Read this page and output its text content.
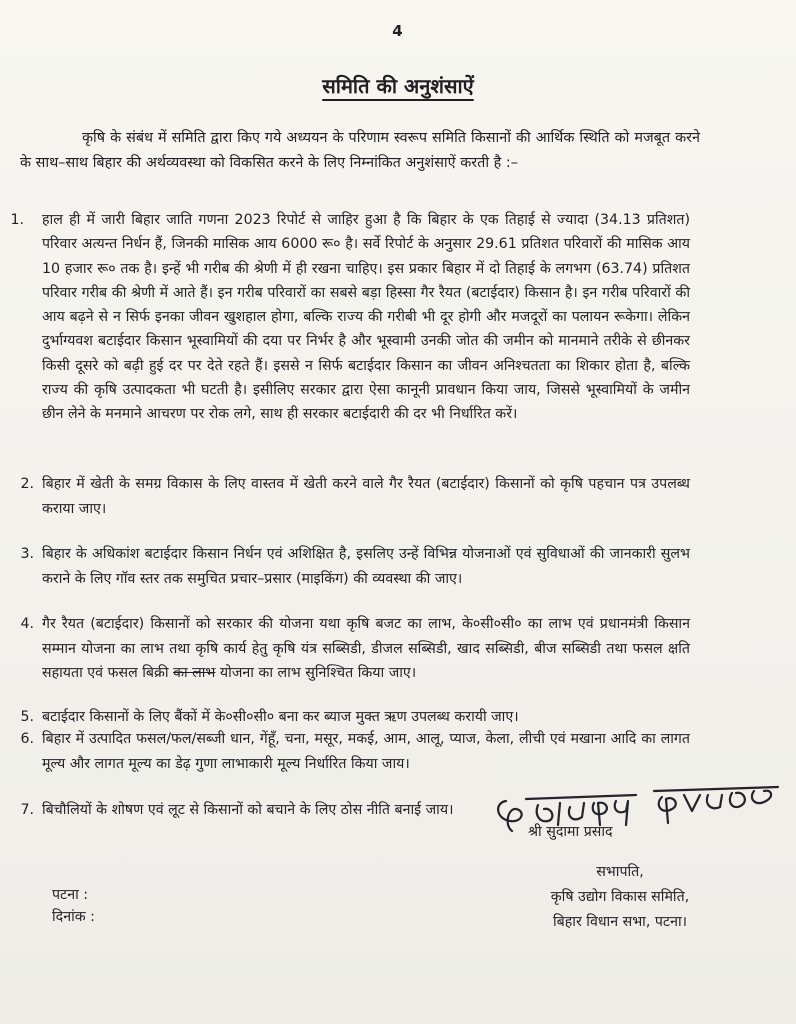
4
समिति की अनुशंसाऐं
कृषि के संबंध में समिति द्वारा किए गये अध्ययन के परिणाम स्वरूप समिति किसानों की आर्थिक स्थिति को मजबूत करने के साथ–साथ बिहार की अर्थव्यवस्था को विकसित करने के लिए निम्नांकित अनुशंसाऐं करती है :–
1. हाल ही में जारी बिहार जाति गणना 2023 रिपोर्ट से जाहिर हुआ है कि बिहार के एक तिहाई से ज्यादा (34.13 प्रतिशत) परिवार अत्यन्त निर्धन हैं, जिनकी मासिक आय 6000 रू० है। सर्वे रिपोर्ट के अनुसार 29.61 प्रतिशत परिवारों की मासिक आय 10 हजार रू० तक है। इन्हें भी गरीब की श्रेणी में ही रखना चाहिए। इस प्रकार बिहार में दो तिहाई के लगभग (63.74) प्रतिशत परिवार गरीब की श्रेणी में आते हैं। इन गरीब परिवारों का सबसे बड़ा हिस्सा गैर रैयत (बटाईदार) किसान है। इन गरीब परिवारों की आय बढ़ने से न सिर्फ इनका जीवन खुशहाल होगा, बल्कि राज्य की गरीबी भी दूर होगी और मजदूरों का पलायन रूकेगा। लेकिन दुर्भाग्यवश बटाईदार किसान भूस्वामियों की दया पर निर्भर है और भूस्वामी उनकी जोत की जमीन को मानमाने तरीके से छीनकर किसी दूसरे को बढ़ी हुई दर पर देते रहते हैं। इससे न सिर्फ बटाईदार किसान का जीवन अनिश्चतता का शिकार होता है, बल्कि राज्य की कृषि उत्पादकता भी घटती है। इसीलिए सरकार द्वारा ऐसा कानूनी प्रावधान किया जाय, जिससे भूस्वामियों के जमीन छीन लेने के मनमाने आचरण पर रोक लगे, साथ ही सरकार बटाईदारी की दर भी निर्धारित करें।
2. बिहार में खेती के समग्र विकास के लिए वास्तव में खेती करने वाले गैर रैयत (बटाईदार) किसानों को कृषि पहचान पत्र उपलब्ध कराया जाए।
3. बिहार के अधिकांश बटाईदार किसान निर्धन एवं अशिक्षित है, इसलिए उन्हें विभिन्न योजनाओं एवं सुविधाओं की जानकारी सुलभ कराने के लिए गॉव स्तर तक समुचित प्रचार–प्रसार (माइकिंग) की व्यवस्था की जाए।
4. गैर रैयत (बटाईदार) किसानों को सरकार की योजना यथा कृषि बजट का लाभ, के०सी०सी० का लाभ एवं प्रधानमंत्री किसान सम्मान योजना का लाभ तथा कृषि कार्य हेतु कृषि यंत्र सब्सिडी, डीजल सब्सिडी, खाद सब्सिडी, बीज सब्सिडी तथा फसल क्षति सहायता एवं फसल बिक्री का लाभ योजना का लाभ सुनिश्चित किया जाए।
5. बटाईदार किसानों के लिए बैंकों में के०सी०सी० बना कर ब्याज मुक्त ऋण उपलब्ध करायी जाए।
6. बिहार में उत्पादित फसल/फल/सब्जी धान, गेंहूँ, चना, मसूर, मकई, आम, आलू, प्याज, केला, लीची एवं मखाना आदि का लागत मूल्य और लागत मूल्य का डेढ़ गुणा लाभाकारी मूल्य निर्धारित किया जाय।
7. बिचौलियों के शोषण एवं लूट से किसानों को बचाने के लिए ठोस नीति बनाई जाय।
श्री सुदामा प्रसाद
सभापति,
कृषि उद्योग विकास समिति,
बिहार विधान सभा, पटना।
पटना :
दिनांक :
